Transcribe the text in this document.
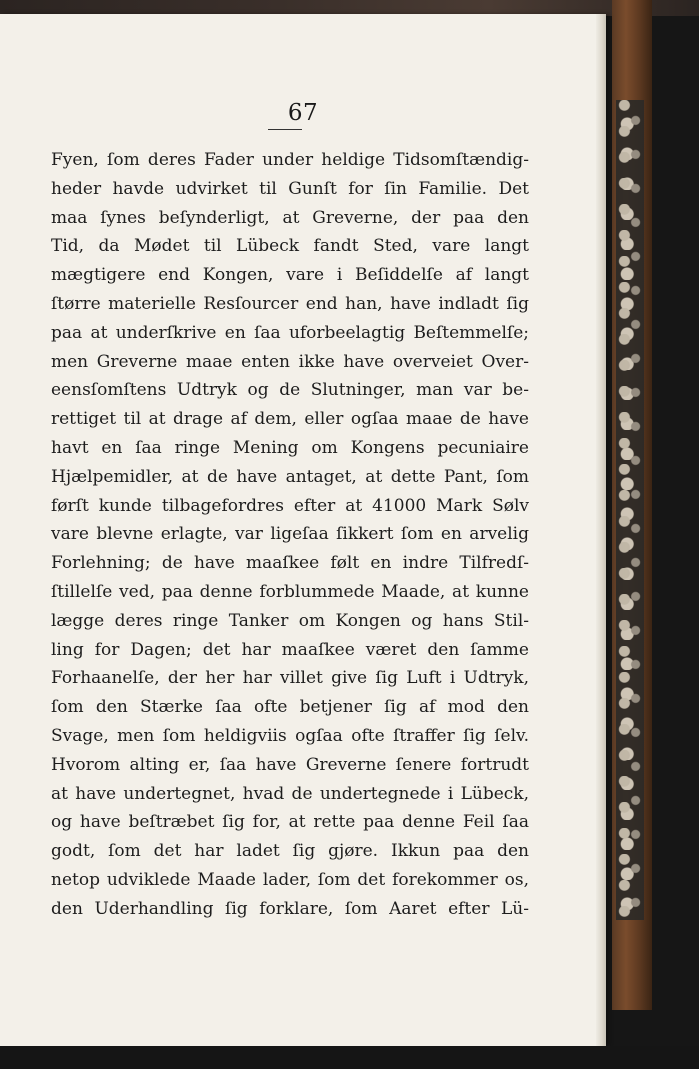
67
Fyen, ſom deres Fader under heldige Tidsomſtændig-
heder havde udvirket til Gunſt for ſin Familie. Det
maa ſynes beſynderligt, at Greverne, der paa den
Tid, da Mødet til Lübeck fandt Sted, vare langt
mægtigere end Kongen, vare i Beſiddelſe af langt
ſtørre materielle Resſourcer end han, have indladt ſig
paa at underſkrive en ſaa uforbeelagtig Beſtemmelſe;
men Greverne maae enten ikke have overveiet Over-
eensſomſtens Udtryk og de Slutninger, man var be-
rettiget til at drage af dem, eller ogſaa maae de have
havt en ſaa ringe Mening om Kongens pecuniaire
Hjælpemidler, at de have antaget, at dette Pant, ſom
førſt kunde tilbagefordres efter at 41000 Mark Sølv
vare blevne erlagte, var ligeſaa ſikkert ſom en arvelig
Forlehning; de have maaſkee følt en indre Tilfredſ-
ſtillelſe ved, paa denne forblummede Maade, at kunne
lægge deres ringe Tanker om Kongen og hans Stil-
ling for Dagen; det har maaſkee været den ſamme
Forhaanelſe, der her har villet give ſig Luft i Udtryk,
ſom den Stærke ſaa ofte betjener ſig af mod den
Svage, men ſom heldigviis ogſaa ofte ſtraffer ſig ſelv.
Hvorom alting er, ſaa have Greverne ſenere fortrudt
at have undertegnet, hvad de undertegnede i Lübeck,
og have beſtræbet ſig for, at rette paa denne Feil ſaa
godt, ſom det har ladet ſig gjøre. Ikkun paa den
netop udviklede Maade lader, ſom det forekommer os,
den Uderhandling ſig forklare, ſom Aaret efter Lü-
